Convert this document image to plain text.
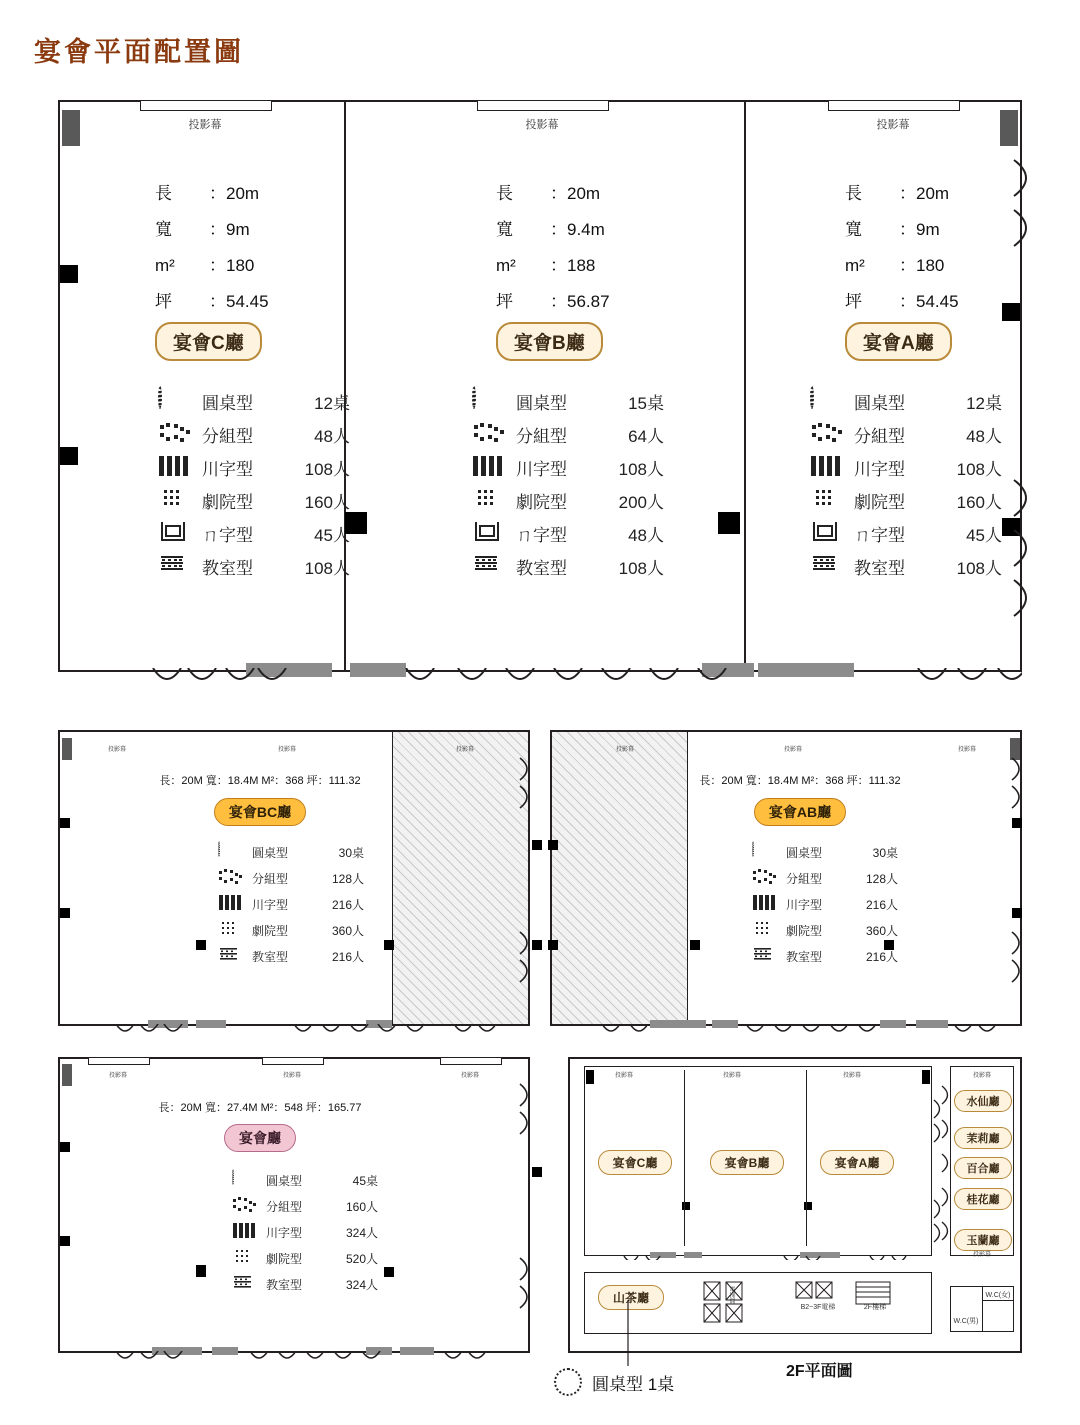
宴會平面配置圖
投影幕
長 ：20m
寬 ：9m
m² ：180
坪 ：54.45
宴會C廳
圓桌型	12桌
分組型	48人
川字型	108人
劇院型	160人
ㄇ字型	45人
教室型	108人
投影幕
長 ：20m
寬 ：9.4m
m² ：188
坪 ：56.87
宴會B廳
圓桌型	15桌
分組型	64人
川字型	108人
劇院型	200人
ㄇ字型	48人
教室型	108人
投影幕
長 ：20m
寬 ：9m
m² ：180
坪 ：54.45
宴會A廳
圓桌型	12桌
分組型	48人
川字型	108人
劇院型	160人
ㄇ字型	45人
教室型	108人
投影幕	投影幕	投影幕
長：20M 寬：18.4M M²：368 坪：111.32
宴會BC廳
圓桌型	30桌
分組型	128人
川字型	216人
劇院型	360人
教室型	216人
投影幕	投影幕	投影幕
長：20M 寬：18.4M M²：368 坪：111.32
宴會AB廳
圓桌型	30桌
分組型	128人
川字型	216人
劇院型	360人
教室型	216人
投影幕	投影幕	投影幕
長：20M 寬：27.4M M²：548 坪：165.77
宴會廳
圓桌型	45桌
分組型	160人
川字型	324人
劇院型	520人
教室型	324人
投影幕	投影幕	投影幕
宴會C廳	宴會B廳	宴會A廳
投影幕
水仙廳
茉莉廳
百合廳
桂花廳
玉蘭廳
投影幕
山茶廳
B2~3F電梯	2F樓梯
電梯間
W.C(男)
W.C(女)
圓桌型 1桌
2F平面圖
